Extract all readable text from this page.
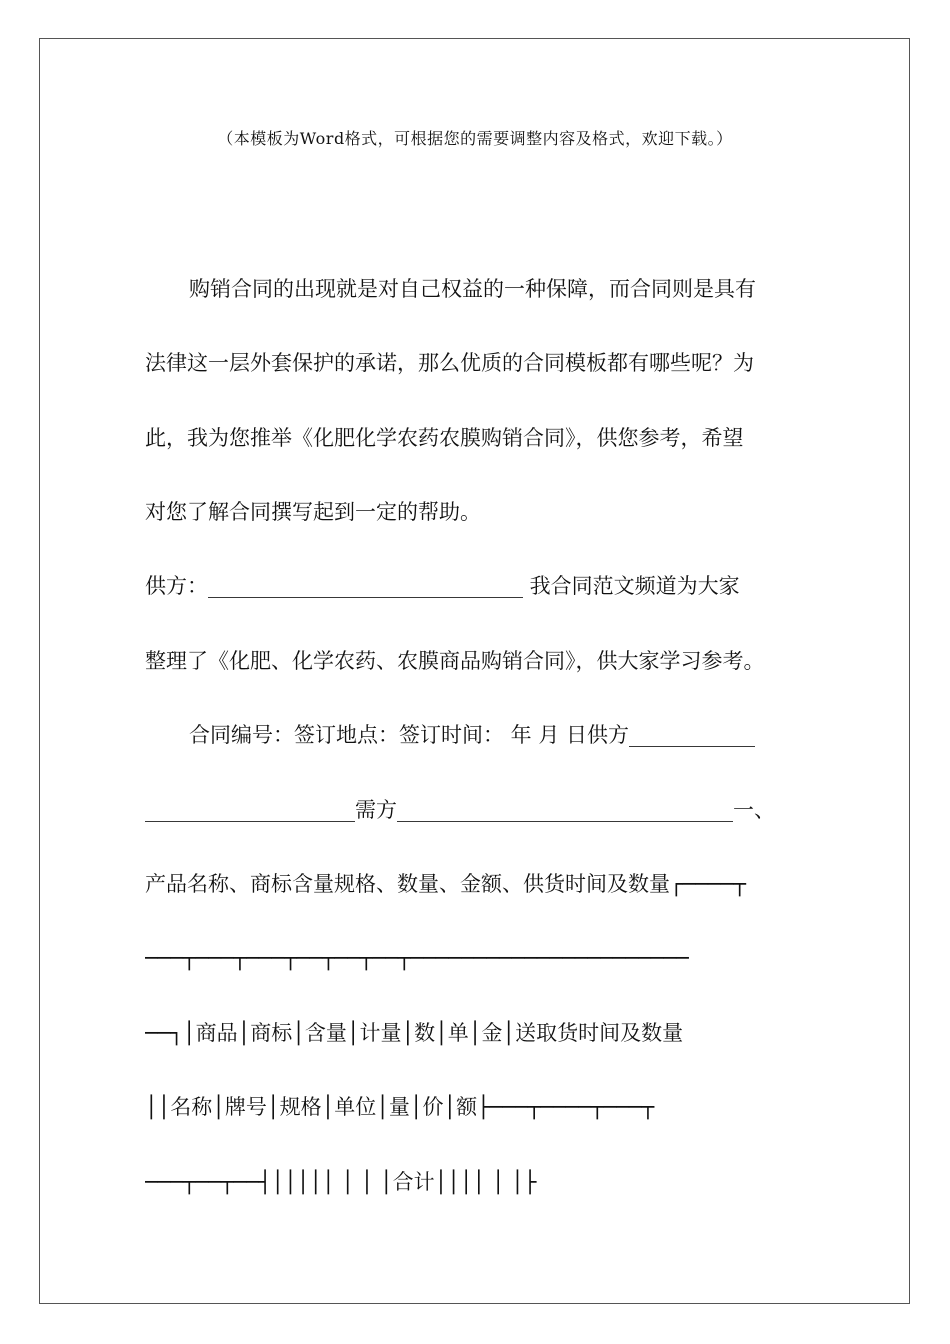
（本模板为Word格式，可根据您的需要调整内容及格式，欢迎下载。）
购销合同的出现就是对自己权益的一种保障，而合同则是具有
法律这一层外套保护的承诺，那么优质的合同模板都有哪些呢？为
此，我为您推举《化肥化学农药农膜购销合同》，供您参考，希望
对您了解合同撰写起到一定的帮助。
供方：______________________________ 我合同范文频道为大家
整理了《化肥、化学农药、农膜商品购销合同》，供大家学习参考。
合同编号：签订地点：签订时间： 年 月 日供方____________
____________________需方________________________________一、
产品名称、商标含量规格、数量、金额、供货时间及数量┌────┬
───┬───┬───┬──┬──┬──┬──────────────────────
──┐│商品│商标│含量│计量│数│单│金│送取货时间及数量
││名称│牌号│规格│单位│量│价│额├───┬────┬───┬
───┬──┬──┤│││││ │ │ │合计││││ │ │├
